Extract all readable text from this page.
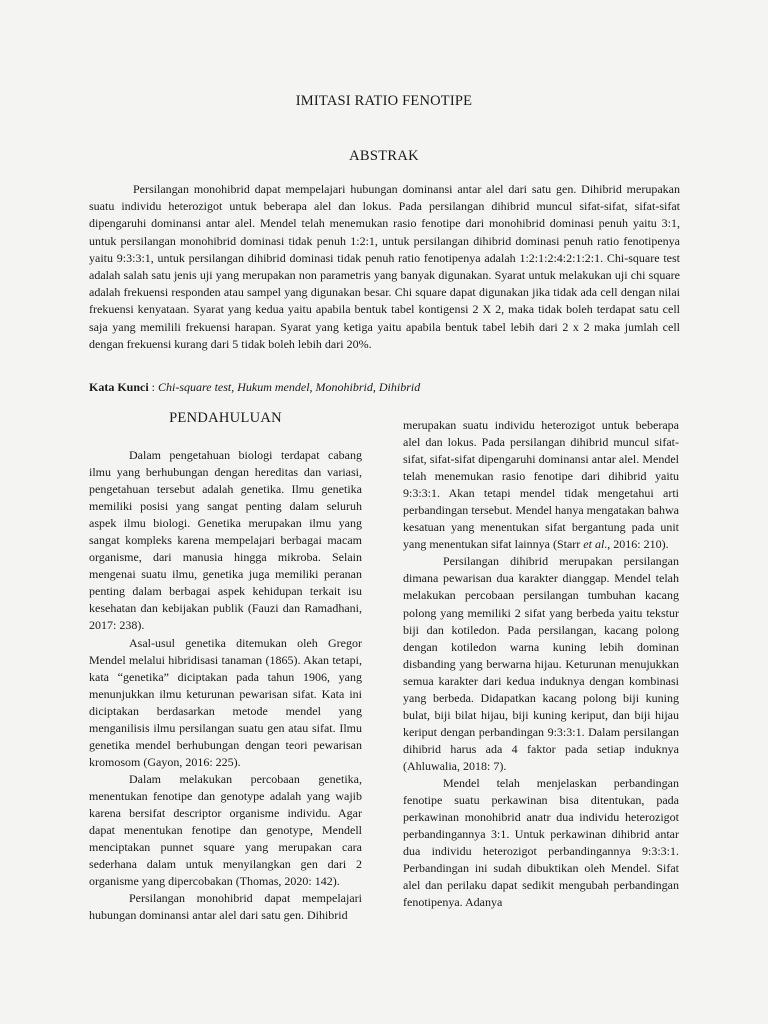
IMITASI RATIO FENOTIPE
ABSTRAK

Persilangan monohibrid dapat mempelajari hubungan dominansi antar alel dari satu gen. Dihibrid merupakan suatu individu heterozigot untuk beberapa alel dan lokus. Pada persilangan dihibrid muncul sifat-sifat, sifat-sifat dipengaruhi dominansi antar alel. Mendel telah menemukan rasio fenotipe dari monohibrid dominasi penuh yaitu 3:1, untuk persilangan monohibrid dominasi tidak penuh 1:2:1, untuk persilangan dihibrid dominasi penuh ratio fenotipenya yaitu 9:3:3:1, untuk persilangan dihibrid dominasi tidak penuh ratio fenotipenya adalah 1:2:1:2:4:2:1:2:1. Chi-square test adalah salah satu jenis uji yang merupakan non parametris yang banyak digunakan. Syarat untuk melakukan uji chi square adalah frekuensi responden atau sampel yang digunakan besar. Chi square dapat digunakan jika tidak ada cell dengan nilai frekuensi kenyataan. Syarat yang kedua yaitu apabila bentuk tabel kontigensi 2 X 2, maka tidak boleh terdapat satu cell saja yang memilili frekuensi harapan. Syarat yang ketiga yaitu apabila bentuk tabel lebih dari 2 x 2 maka jumlah cell dengan frekuensi kurang dari 5 tidak boleh lebih dari 20%.

Kata Kunci : Chi-square test, Hukum mendel, Monohibrid, Dihibrid

PENDAHULUAN

Dalam pengetahuan biologi terdapat cabang ilmu yang berhubungan dengan hereditas dan variasi, pengetahuan tersebut adalah genetika. Ilmu genetika memiliki posisi yang sangat penting dalam seluruh aspek ilmu biologi. Genetika merupakan ilmu yang sangat kompleks karena mempelajari berbagai macam organisme, dari manusia hingga mikroba. Selain mengenai suatu ilmu, genetika juga memiliki peranan penting dalam berbagai aspek kehidupan terkait isu kesehatan dan kebijakan publik (Fauzi dan Ramadhani, 2017: 238).

Asal-usul genetika ditemukan oleh Gregor Mendel melalui hibridisasi tanaman (1865). Akan tetapi, kata “genetika” diciptakan pada tahun 1906, yang menunjukkan ilmu keturunan pewarisan sifat. Kata ini diciptakan berdasarkan metode mendel yang menganilisis ilmu persilangan suatu gen atau sifat. Ilmu genetika mendel berhubungan dengan teori pewarisan kromosom (Gayon, 2016: 225).

Dalam melakukan percobaan genetika, menentukan fenotipe dan genotype adalah yang wajib karena bersifat descriptor organisme individu. Agar dapat menentukan fenotipe dan genotype, Mendell menciptakan punnet square yang merupakan cara sederhana dalam untuk menyilangkan gen dari 2 organisme yang dipercobakan (Thomas, 2020: 142).

Persilangan monohibrid dapat mempelajari hubungan dominansi antar alel dari satu gen. Dihibrid

merupakan suatu individu heterozigot untuk beberapa alel dan lokus. Pada persilangan dihibrid muncul sifat-sifat, sifat-sifat dipengaruhi dominansi antar alel. Mendel telah menemukan rasio fenotipe dari dihibrid yaitu 9:3:3:1. Akan tetapi mendel tidak mengetahui arti perbandingan tersebut. Mendel hanya mengatakan bahwa kesatuan yang menentukan sifat bergantung pada unit yang menentukan sifat lainnya (Starr et al., 2016: 210).

Persilangan dihibrid merupakan persilangan dimana pewarisan dua karakter dianggap. Mendel telah melakukan percobaan persilangan tumbuhan kacang polong yang memiliki 2 sifat yang berbeda yaitu tekstur biji dan kotiledon. Pada persilangan, kacang polong dengan kotiledon warna kuning lebih dominan disbanding yang berwarna hijau. Keturunan menujukkan semua karakter dari kedua induknya dengan kombinasi yang berbeda. Didapatkan kacang polong biji kuning bulat, biji bilat hijau, biji kuning keriput, dan biji hijau keriput dengan perbandingan 9:3:3:1. Dalam persilangan dihibrid harus ada 4 faktor pada setiap induknya (Ahluwalia, 2018: 7).

Mendel telah menjelaskan perbandingan fenotipe suatu perkawinan bisa ditentukan, pada perkawinan monohibrid anatr dua individu heterozigot perbandingannya 3:1. Untuk perkawinan dihibrid antar dua individu heterozigot perbandingannya 9:3:3:1. Perbandingan ini sudah dibuktikan oleh Mendel. Sifat alel dan perilaku dapat sedikit mengubah perbandingan fenotipenya. Adanya
